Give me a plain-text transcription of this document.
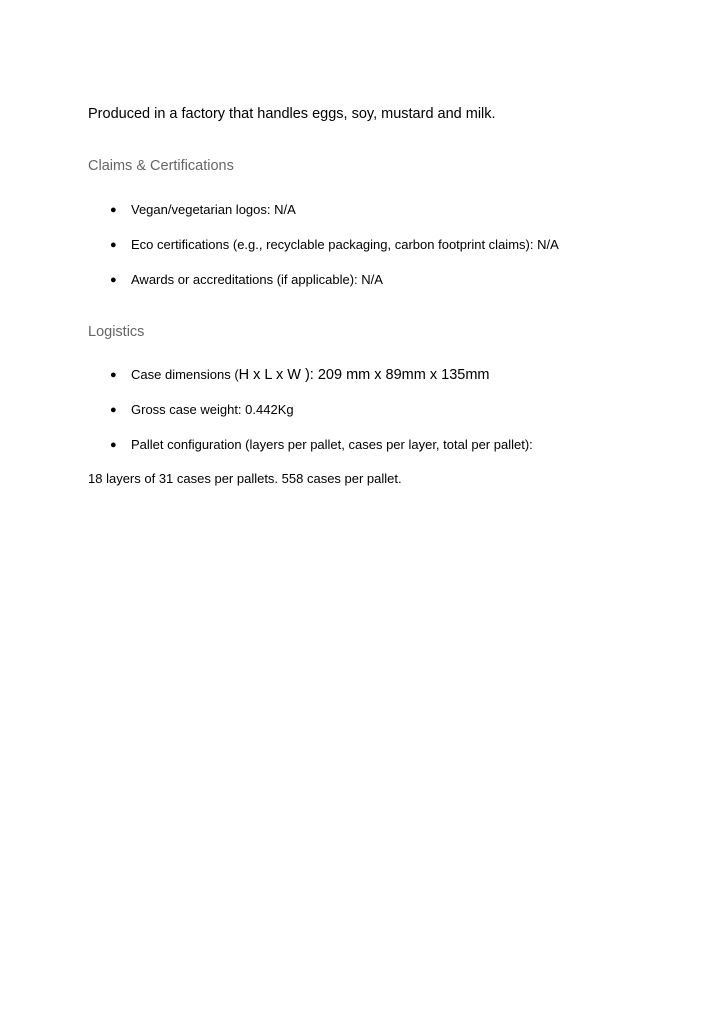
Produced in a factory that handles eggs, soy, mustard and milk.

Claims & Certifications
● Vegan/vegetarian logos: N/A
● Eco certifications (e.g., recyclable packaging, carbon footprint claims): N/A
● Awards or accreditations (if applicable): N/A
Logistics
● Case dimensions (H x L x W ): 209 mm x 89mm x 135mm
● Gross case weight: 0.442Kg
● Pallet configuration (layers per pallet, cases per layer, total per pallet):

18 layers of 31 cases per pallets. 558 cases per pallet.
